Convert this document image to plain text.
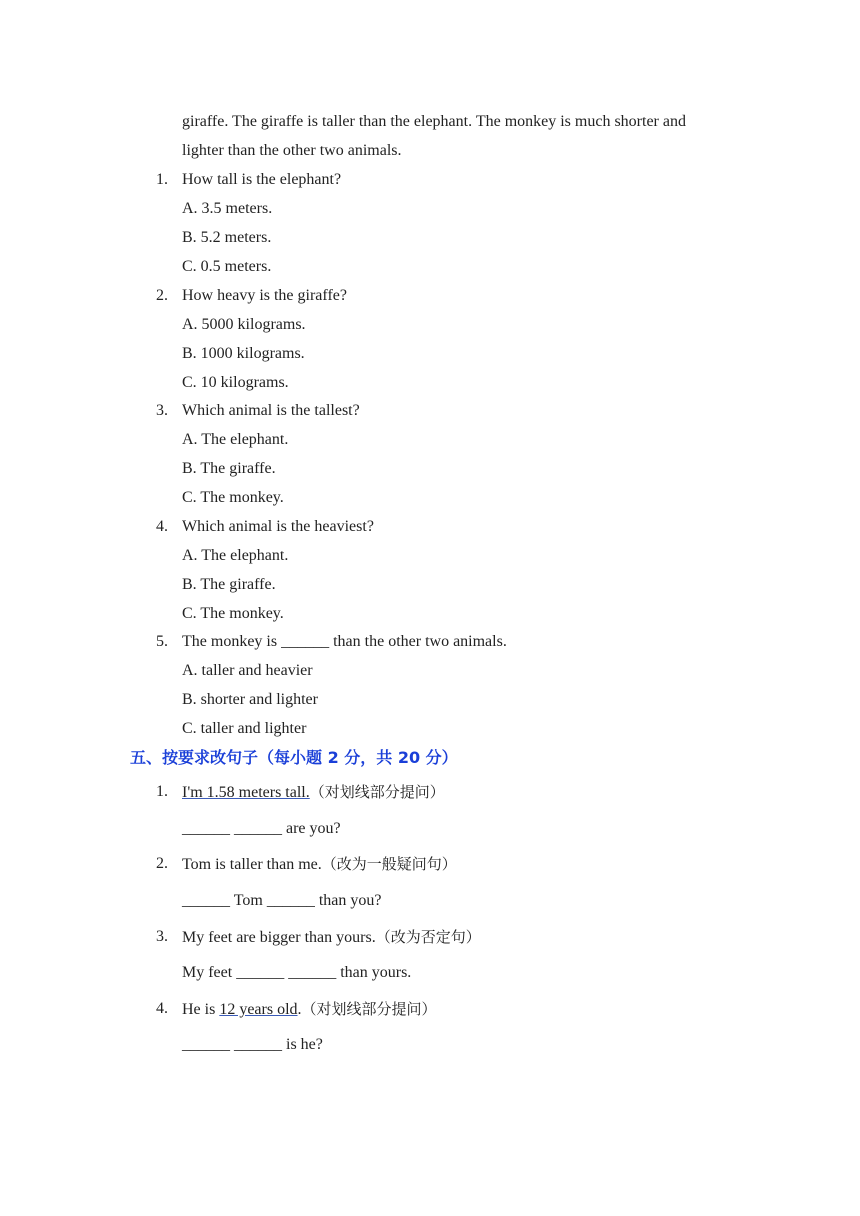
giraffe. The giraffe is taller than the elephant. The monkey is much shorter and
lighter than the other two animals.
1. How tall is the elephant?
A. 3.5 meters.
B. 5.2 meters.
C. 0.5 meters.
2. How heavy is the giraffe?
A. 5000 kilograms.
B. 1000 kilograms.
C. 10 kilograms.
3. Which animal is the tallest?
A. The elephant.
B. The giraffe.
C. The monkey.
4. Which animal is the heaviest?
A. The elephant.
B. The giraffe.
C. The monkey.
5. The monkey is ______ than the other two animals.
A. taller and heavier
B. shorter and lighter
C. taller and lighter
五、按要求改句子（每小题 2 分，共 20 分）
1. I'm 1.58 meters tall.（对划线部分提问）
______ ______ are you?
2. Tom is taller than me.（改为一般疑问句）
______ Tom ______ than you?
3. My feet are bigger than yours.（改为否定句）
My feet ______ ______ than yours.
4. He is 12 years old.（对划线部分提问）
______ ______ is he?
